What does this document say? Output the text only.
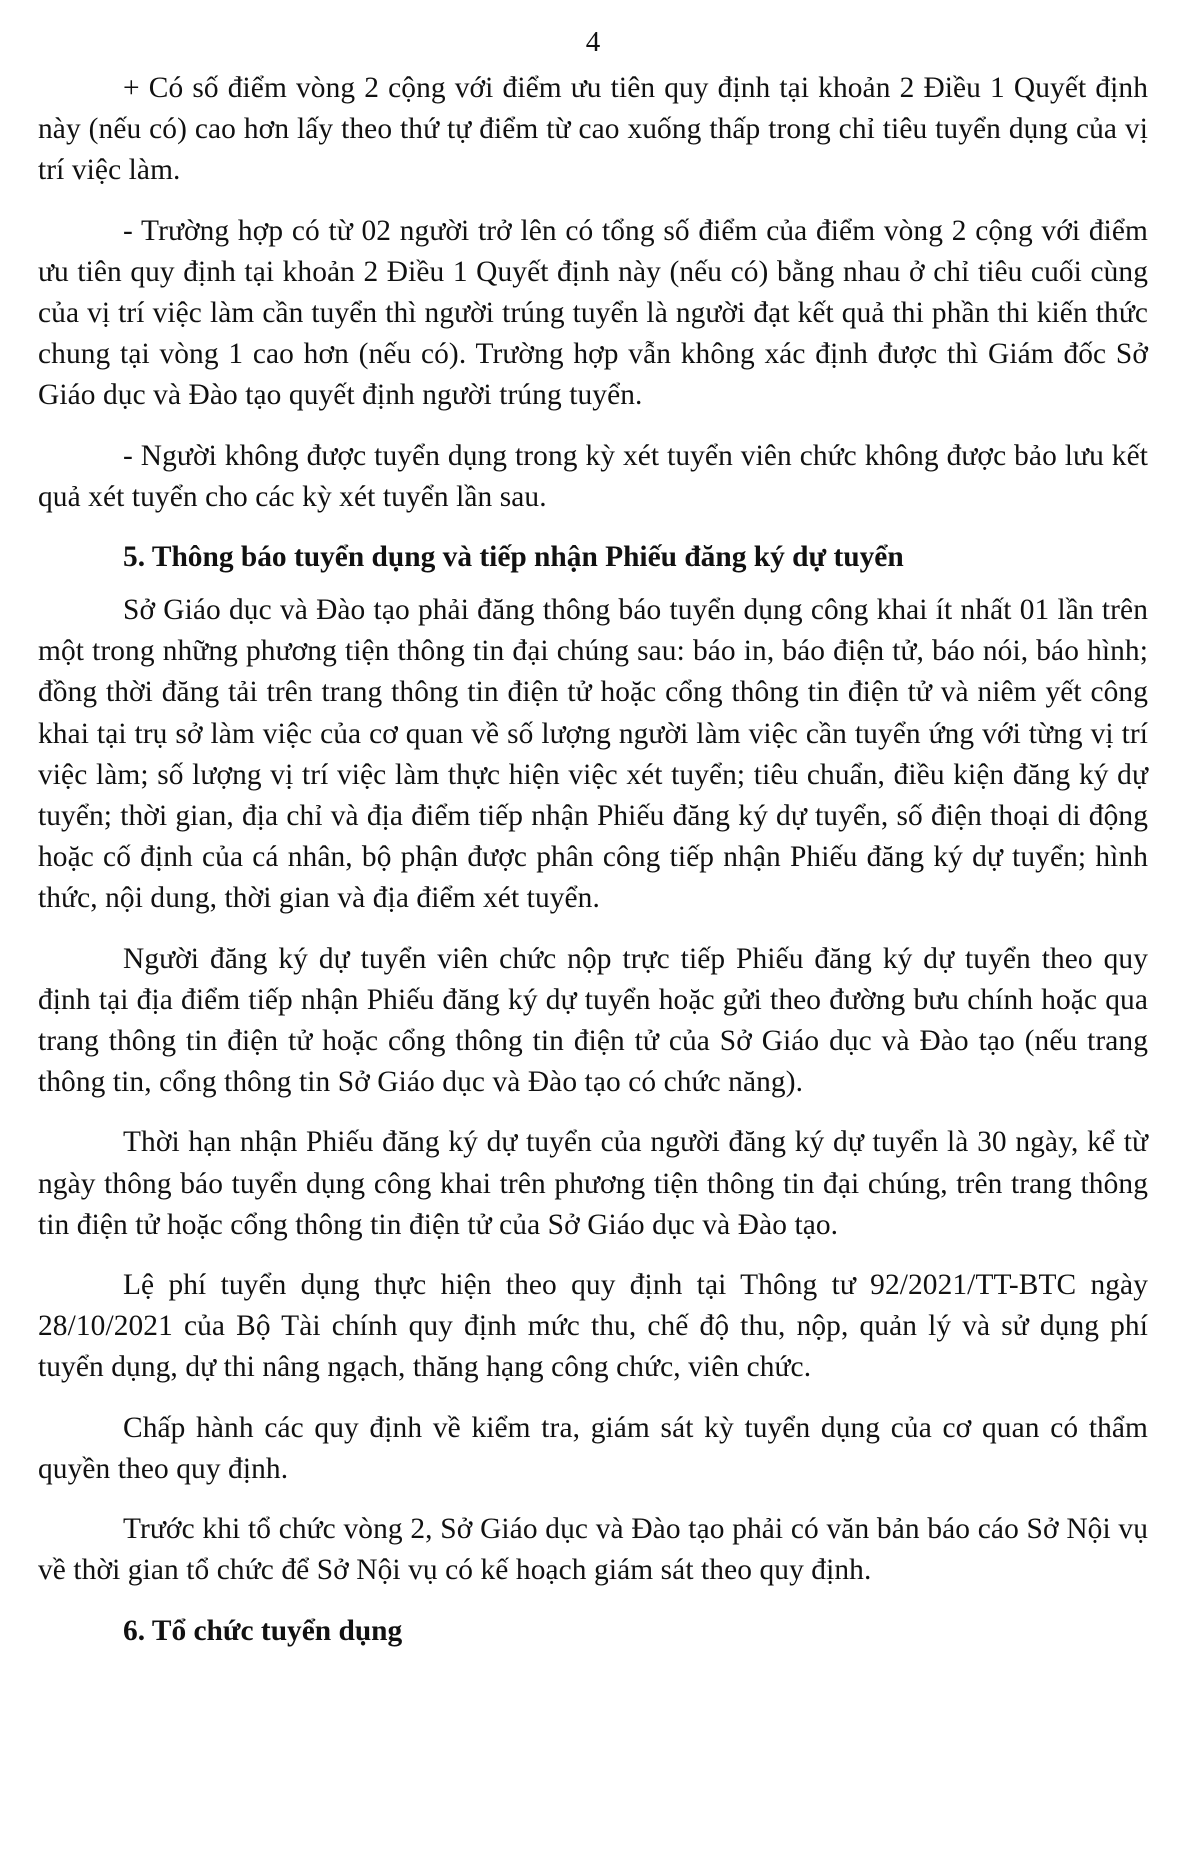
4

+ Có số điểm vòng 2 cộng với điểm ưu tiên quy định tại khoản 2 Điều 1 Quyết định này (nếu có) cao hơn lấy theo thứ tự điểm từ cao xuống thấp trong chỉ tiêu tuyển dụng của vị trí việc làm.

- Trường hợp có từ 02 người trở lên có tổng số điểm của điểm vòng 2 cộng với điểm ưu tiên quy định tại khoản 2 Điều 1 Quyết định này (nếu có) bằng nhau ở chỉ tiêu cuối cùng của vị trí việc làm cần tuyển thì người trúng tuyển là người đạt kết quả thi phần thi kiến thức chung tại vòng 1 cao hơn (nếu có). Trường hợp vẫn không xác định được thì Giám đốc Sở Giáo dục và Đào tạo quyết định người trúng tuyển.

- Người không được tuyển dụng trong kỳ xét tuyển viên chức không được bảo lưu kết quả xét tuyển cho các kỳ xét tuyển lần sau.

5. Thông báo tuyển dụng và tiếp nhận Phiếu đăng ký dự tuyển

Sở Giáo dục và Đào tạo phải đăng thông báo tuyển dụng công khai ít nhất 01 lần trên một trong những phương tiện thông tin đại chúng sau: báo in, báo điện tử, báo nói, báo hình; đồng thời đăng tải trên trang thông tin điện tử hoặc cổng thông tin điện tử và niêm yết công khai tại trụ sở làm việc của cơ quan về số lượng người làm việc cần tuyển ứng với từng vị trí việc làm; số lượng vị trí việc làm thực hiện việc xét tuyển; tiêu chuẩn, điều kiện đăng ký dự tuyển; thời gian, địa chỉ và địa điểm tiếp nhận Phiếu đăng ký dự tuyển, số điện thoại di động hoặc cố định của cá nhân, bộ phận được phân công tiếp nhận Phiếu đăng ký dự tuyển; hình thức, nội dung, thời gian và địa điểm xét tuyển.

Người đăng ký dự tuyển viên chức nộp trực tiếp Phiếu đăng ký dự tuyển theo quy định tại địa điểm tiếp nhận Phiếu đăng ký dự tuyển hoặc gửi theo đường bưu chính hoặc qua trang thông tin điện tử hoặc cổng thông tin điện tử của Sở Giáo dục và Đào tạo (nếu trang thông tin, cổng thông tin Sở Giáo dục và Đào tạo có chức năng).

Thời hạn nhận Phiếu đăng ký dự tuyển của người đăng ký dự tuyển là 30 ngày, kể từ ngày thông báo tuyển dụng công khai trên phương tiện thông tin đại chúng, trên trang thông tin điện tử hoặc cổng thông tin điện tử của Sở Giáo dục và Đào tạo.

Lệ phí tuyển dụng thực hiện theo quy định tại Thông tư 92/2021/TT-BTC ngày 28/10/2021 của Bộ Tài chính quy định mức thu, chế độ thu, nộp, quản lý và sử dụng phí tuyển dụng, dự thi nâng ngạch, thăng hạng công chức, viên chức.

Chấp hành các quy định về kiểm tra, giám sát kỳ tuyển dụng của cơ quan có thẩm quyền theo quy định.

Trước khi tổ chức vòng 2, Sở Giáo dục và Đào tạo phải có văn bản báo cáo Sở Nội vụ về thời gian tổ chức để Sở Nội vụ có kế hoạch giám sát theo quy định.

6. Tổ chức tuyển dụng
